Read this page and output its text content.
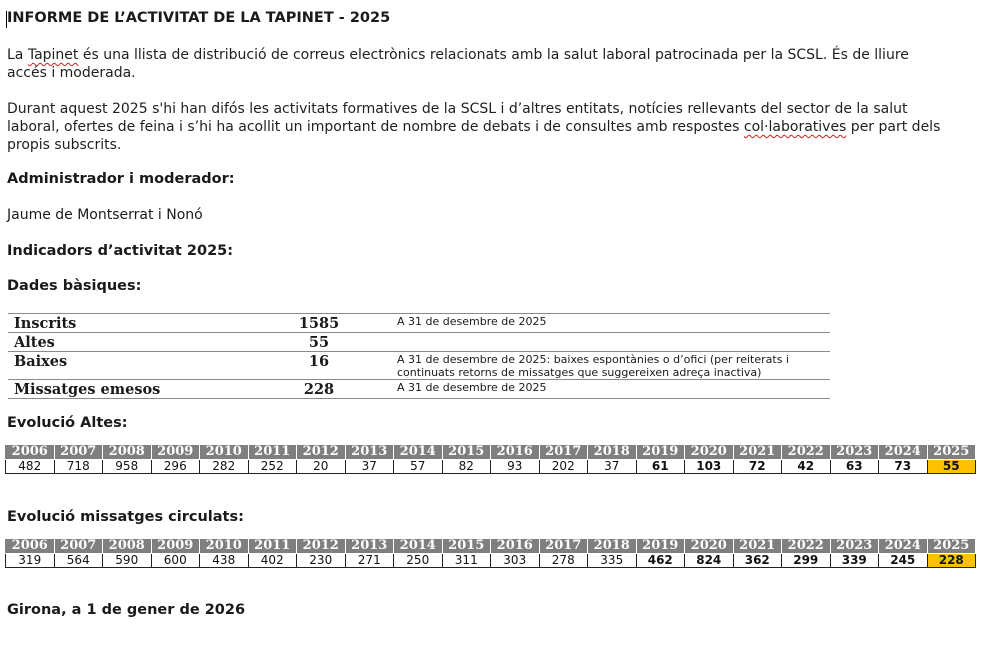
INFORME DE L’ACTIVITAT DE LA TAPINET - 2025
La Tapinet és una llista de distribució de correus electrònics relacionats amb la salut laboral patrocinada per la SCSL. És de lliure accés i moderada.
Durant aquest 2025 s'hi han difós les activitats formatives de la SCSL i d’altres entitats, notícies rellevants del sector de la salut laboral, ofertes de feina i s’hi ha acollit un important de nombre de debats i de consultes amb respostes col·laboratives per part dels propis subscrits.
Administrador i moderador:
Jaume de Montserrat i Nonó
Indicadors d’activitat 2025:
Dades bàsiques:
Inscrits	1585	A 31 de desembre de 2025
Altes	55	
Baixes	16	A 31 de desembre de 2025: baixes espontànies o d’ofici (per reiterats i continuats retorns de missatges que suggereixen adreça inactiva)
Missatges emesos	228	A 31 de desembre de 2025
Evolució Altes:
2006	2007	2008	2009	2010	2011	2012	2013	2014	2015	2016	2017	2018	2019	2020	2021	2022	2023	2024	2025
482	718	958	296	282	252	20	37	57	82	93	202	37	61	103	72	42	63	73	55
Evolució missatges circulats:
2006	2007	2008	2009	2010	2011	2012	2013	2014	2015	2016	2017	2018	2019	2020	2021	2022	2023	2024	2025
319	564	590	600	438	402	230	271	250	311	303	278	335	462	824	362	299	339	245	228
Girona, a 1 de gener de 2026
